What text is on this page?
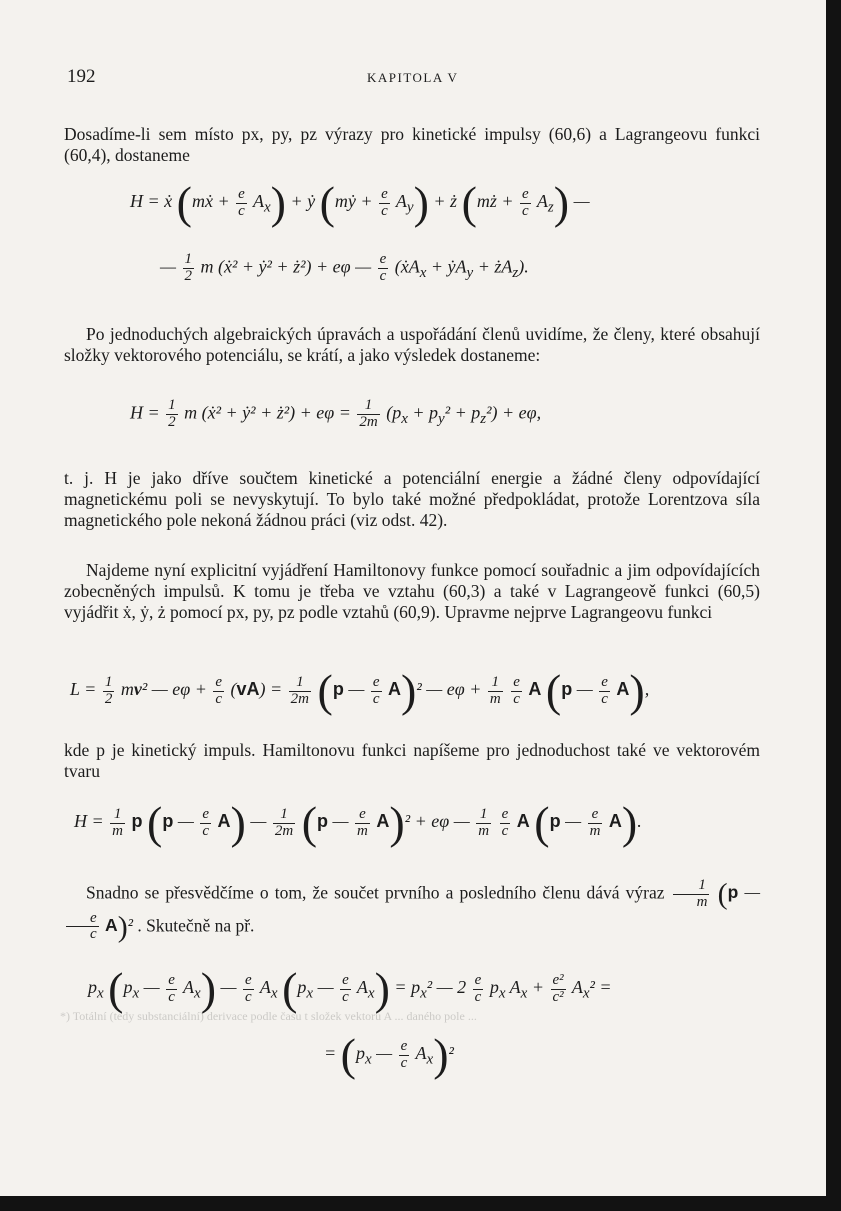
192	KAPITOLA V
Dosadíme-li sem místo px, py, pz výrazy pro kinetické impulsy (60,6) a Lagrangeovu funkci (60,4), dostaneme
H = ẋ (mẋ + $\frac{e}{c} A_x$) + ẏ (mẏ + $\frac{e}{c} A_y$) + ż (mż + $\frac{e}{c} A_z$) —
— $\frac{1}{2}$ m (ẋ² + ẏ² + ż²) + eφ — $\frac{e}{c}$ (ẋA$_x$ + ẏA$_y$ + $żA_z$).
Po jednoduchých algebraických úpravách a uspořádání členů uvidíme, že členy, které obsahují složky vektorového potenciálu, se krátí, a jako výsledek dostaneme:
$H = \frac{1}{2}$ m (ẋ² + ẏ² + ż²) + $e\varphi = \frac{1}{2m} (p_x + p_y^2 + p_z^2) + e\varphi$,
t. j. H je jako dříve součtem kinetické a potenciální energie a žádné členy odpovídající magnetickému poli se nevyskytují. To bylo také možné předpokládat, protože Lorentzova síla magnetického pole nekoná žádnou práci (viz odst. 42).
Najdeme nyní explicitní vyjádření Hamiltonovy funkce pomocí souřadnic a jim odpovídajících zobecněných impulsů. K tomu je třeba ve vztahu (60,3) a také v Lagrangeově funkci (60,5) vyjádřit ẋ, ẏ, ż pomocí px, py, pz podle vztahů (60,9). Upravme nejprve Lagrangeovu funkci
$L = \frac{1}{2} mv^2$ — $e\varphi + \frac{e}{c} (vA) = \frac{1}{2m} (p$ — $\frac{e}{c} A)^2$ — $e\varphi + \frac{1}{m}$
$\frac{e}{c}$ A (p — $\frac{e}{c} A$),
kde p je kinetický impuls. Hamiltonovu funkci napíšeme pro jednoduchost také ve vektorovém tvaru
$H = \frac{1}{m}$ p (p — $\frac{e}{c} A$) — $\frac{1}{2m} (p$ — $\frac{e}{m} A)^2 + e\varphi$ — $\frac{1}{m}$
$\frac{e}{c}$ A (p — $\frac{e}{m} A$).
Snadno se přesvědčíme o tom, že součet prvního a posledního členu dává výraz $\frac{1}{m} (p$ —
$\frac{e}{c} A)^2$ . Skutečně na př.
$p_x$ ($p_x$ — $\frac{e}{c} A_x$) — $\frac{e}{c} A_x$ ($p_x$ — $\frac{e}{c} A_x) = p_x^2$ — $2 \frac{e}{c} p_x$ $A_x + \frac{\text{e²}}{\text{c²}} A_x^2$ =
= ($p_x$ — $\frac{e}{c} A_x)^2$
*) Totální (tedy substanciální) derivace podle času t složek vektoru A ... daného pole ...
